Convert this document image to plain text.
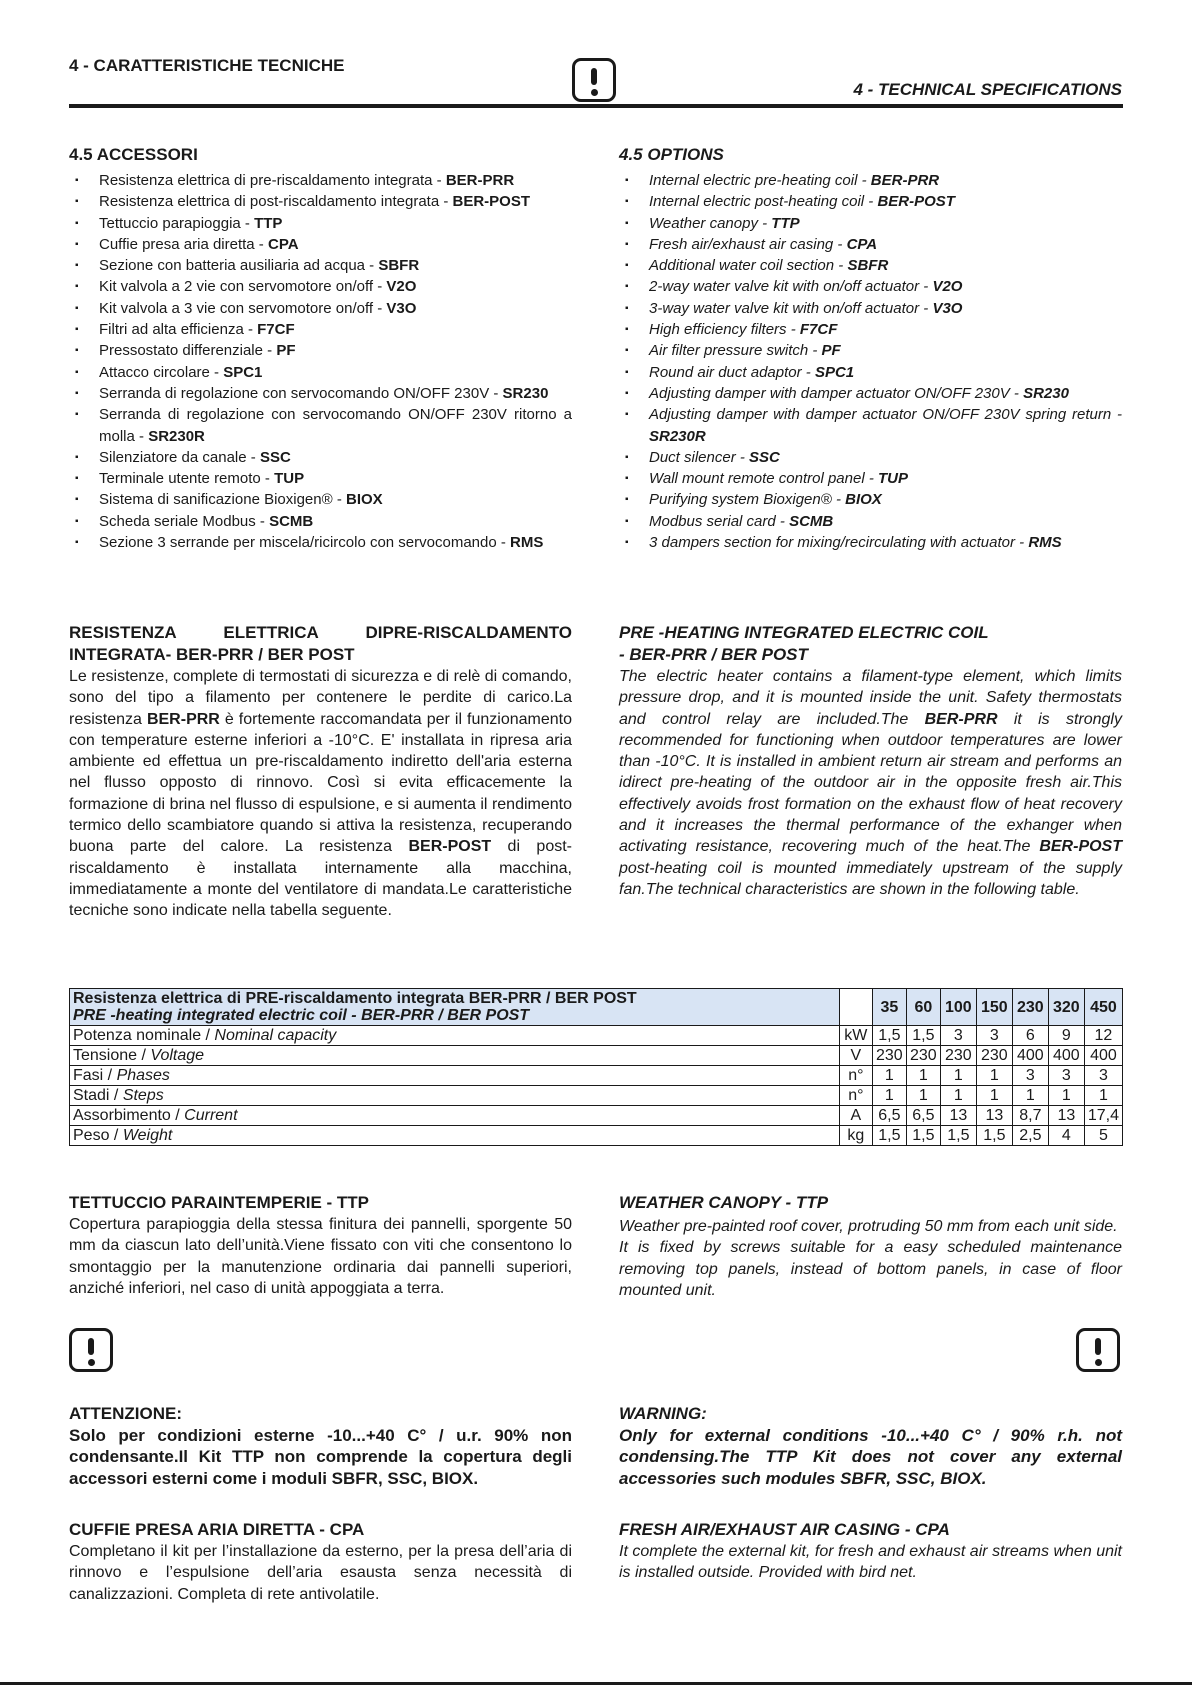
4 - CARATTERISTICHE TECNICHE
4 - TECHNICAL SPECIFICATIONS
4.5 ACCESSORI
▪ Resistenza elettrica di pre-riscaldamento integrata - BER-PRR
▪ Resistenza elettrica di post-riscaldamento integrata - BER-POST
▪ Tettuccio parapioggia - TTP
▪ Cuffie presa aria diretta - CPA
▪ Sezione con batteria ausiliaria ad acqua - SBFR
▪ Kit valvola a 2 vie con servomotore on/off - V2O
▪ Kit valvola a 3 vie con servomotore on/off - V3O
▪ Filtri ad alta efficienza - F7CF
▪ Pressostato differenziale - PF
▪ Attacco circolare - SPC1
▪ Serranda di regolazione con servocomando ON/OFF 230V - SR230
▪ Serranda di regolazione con servocomando ON/OFF 230V ritorno a molla - SR230R
▪ Silenziatore da canale - SSC
▪ Terminale utente remoto - TUP
▪ Sistema di sanificazione Bioxigen® - BIOX
▪ Scheda seriale Modbus - SCMB
▪ Sezione 3 serrande per miscela/ricircolo con servocomando - RMS
4.5 OPTIONS
▪ Internal electric pre-heating coil - BER-PRR
▪ Internal electric post-heating coil - BER-POST
▪ Weather canopy - TTP
▪ Fresh air/exhaust air casing - CPA
▪ Additional water coil section - SBFR
▪ 2-way water valve kit with on/off actuator - V2O
▪ 3-way water valve kit with on/off actuator - V3O
▪ High efficiency filters - F7CF
▪ Air filter pressure switch - PF
▪ Round air duct adaptor - SPC1
▪ Adjusting damper with damper actuator ON/OFF 230V - SR230
▪ Adjusting damper with damper actuator ON/OFF 230V spring return - SR230R
▪ Duct silencer - SSC
▪ Wall mount remote control panel - TUP
▪ Purifying system Bioxigen® - BIOX
▪ Modbus serial card - SCMB
▪ 3 dampers section for mixing/recirculating with actuator - RMS
RESISTENZA ELETTRICA DIPRE-RISCALDAMENTO
INTEGRATA- BER-PRR / BER POST
Le resistenze, complete di termostati di sicurezza e di relè di comando, sono del tipo a filamento per contenere le perdite di carico.La resistenza BER-PRR è fortemente raccomandata per il funzionamento con temperature esterne inferiori a -10°C. E' installata in ripresa aria ambiente ed effettua un pre-riscaldamento indiretto dell'aria esterna nel flusso opposto di rinnovo. Così si evita efficacemente la formazione di brina nel flusso di espulsione, e si aumenta il rendimento termico dello scambiatore quando si attiva la resistenza, recuperando buona parte del calore. La resistenza BER-POST di post-riscaldamento è installata internamente alla macchina, immediatamente a monte del ventilatore di mandata.Le caratteristiche tecniche sono indicate nella tabella seguente.
PRE -HEATING INTEGRATED ELECTRIC COIL
- BER-PRR / BER POST
The electric heater contains a filament-type element, which limits pressure drop, and it is mounted inside the unit. Safety thermostats and control relay are included.The BER-PRR it is strongly recommended for functioning when outdoor temperatures are lower than -10°C. It is installed in ambient return air stream and performs an idirect pre-heating of the outdoor air in the opposite fresh air.This effectively avoids frost formation on the exhaust flow of heat recovery and it increases the thermal performance of the exhanger when activating resistance, recovering much of the heat.The BER-POST post-heating coil is mounted immediately upstream of the supply fan.The technical characteristics are shown in the following table.
Resistenza elettrica di PRE-riscaldamento integrata BER-PRR / BER POST
PRE -heating integrated electric coil - BER-PRR / BER POST		35	60	100	150	230	320	450
Potenza nominale / Nominal capacity	kW	1,5	1,5	3	3	6	9	12
Tensione / Voltage	V	230	230	230	230	400	400	400
Fasi / Phases	n°	1	1	1	1	3	3	3
Stadi / Steps	n°	1	1	1	1	1	1	1
Assorbimento / Current	A	6,5	6,5	13	13	8,7	13	17,4
Peso / Weight	kg	1,5	1,5	1,5	1,5	2,5	4	5
TETTUCCIO PARAINTEMPERIE - TTP
Copertura parapioggia della stessa finitura dei pannelli, sporgente 50 mm da ciascun lato dell’unità.Viene fissato con viti che consentono lo smontaggio per la manutenzione ordinaria dai pannelli superiori, anziché inferiori, nel caso di unità appoggiata a terra.
WEATHER CANOPY - TTP
Weather pre-painted roof cover, protruding 50 mm from each unit side.
It is fixed by screws suitable for a easy scheduled maintenance removing top panels, instead of bottom panels, in case of floor mounted unit.
ATTENZIONE:
Solo per condizioni esterne -10...+40 C° / u.r. 90% non condensante.Il Kit TTP non comprende la copertura degli accessori esterni come i moduli SBFR, SSC, BIOX.
WARNING:
Only for external conditions -10...+40 C° / 90% r.h. not condensing.The TTP Kit does not cover any external accessories such modules SBFR, SSC, BIOX.
CUFFIE PRESA ARIA DIRETTA - CPA
Completano il kit per l’installazione da esterno, per la presa dell’aria di rinnovo e l’espulsione dell’aria esausta senza necessità di canalizzazioni. Completa di rete antivolatile.
FRESH AIR/EXHAUST AIR CASING - CPA
It complete the external kit, for fresh and exhaust air streams when unit is installed outside. Provided with bird net.
